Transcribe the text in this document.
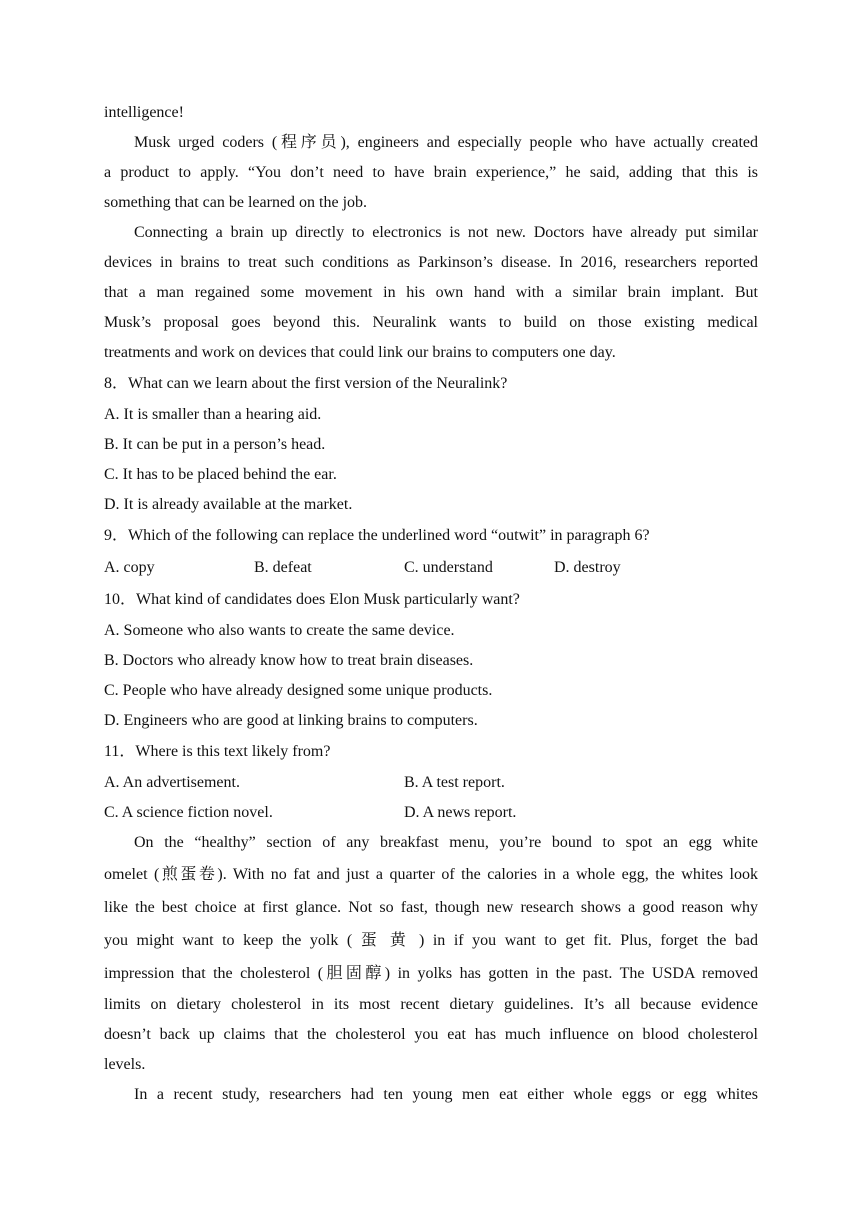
intelligence!
Musk urged coders (程序员), engineers and especially people who have actually created
a product to apply. “You don’t need to have brain experience,” he said, adding that this is
something that can be learned on the job.
Connecting a brain up directly to electronics is not new. Doctors have already put similar
devices in brains to treat such conditions as Parkinson’s disease. In 2016, researchers reported
that a man regained some movement in his own hand with a similar brain implant. But
Musk’s proposal goes beyond this. Neuralink wants to build on those existing medical
treatments and work on devices that could link our brains to computers one day.
8．What can we learn about the first version of the Neuralink?
A. It is smaller than a hearing aid.
B. It can be put in a person’s head.
C. It has to be placed behind the ear.
D. It is already available at the market.
9．Which of the following can replace the underlined word “outwit” in paragraph 6?
A. copy	B. defeat	C. understand	D. destroy
10．What kind of candidates does Elon Musk particularly want?
A. Someone who also wants to create the same device.
B. Doctors who already know how to treat brain diseases.
C. People who have already designed some unique products.
D. Engineers who are good at linking brains to computers.
11．Where is this text likely from?
A. An advertisement.	B. A test report.
C. A science fiction novel.	D. A news report.
On the “healthy” section of any breakfast menu, you’re bound to spot an egg white
omelet (煎蛋卷). With no fat and just a quarter of the calories in a whole egg, the whites look
like the best choice at first glance. Not so fast, though new research shows a good reason why
you might want to keep the yolk ( 蛋 黄 ) in if you want to get fit. Plus, forget the bad
impression that the cholesterol (胆固醇) in yolks has gotten in the past. The USDA removed
limits on dietary cholesterol in its most recent dietary guidelines. It’s all because evidence
doesn’t back up claims that the cholesterol you eat has much influence on blood cholesterol
levels.
In a recent study, researchers had ten young men eat either whole eggs or egg whites
